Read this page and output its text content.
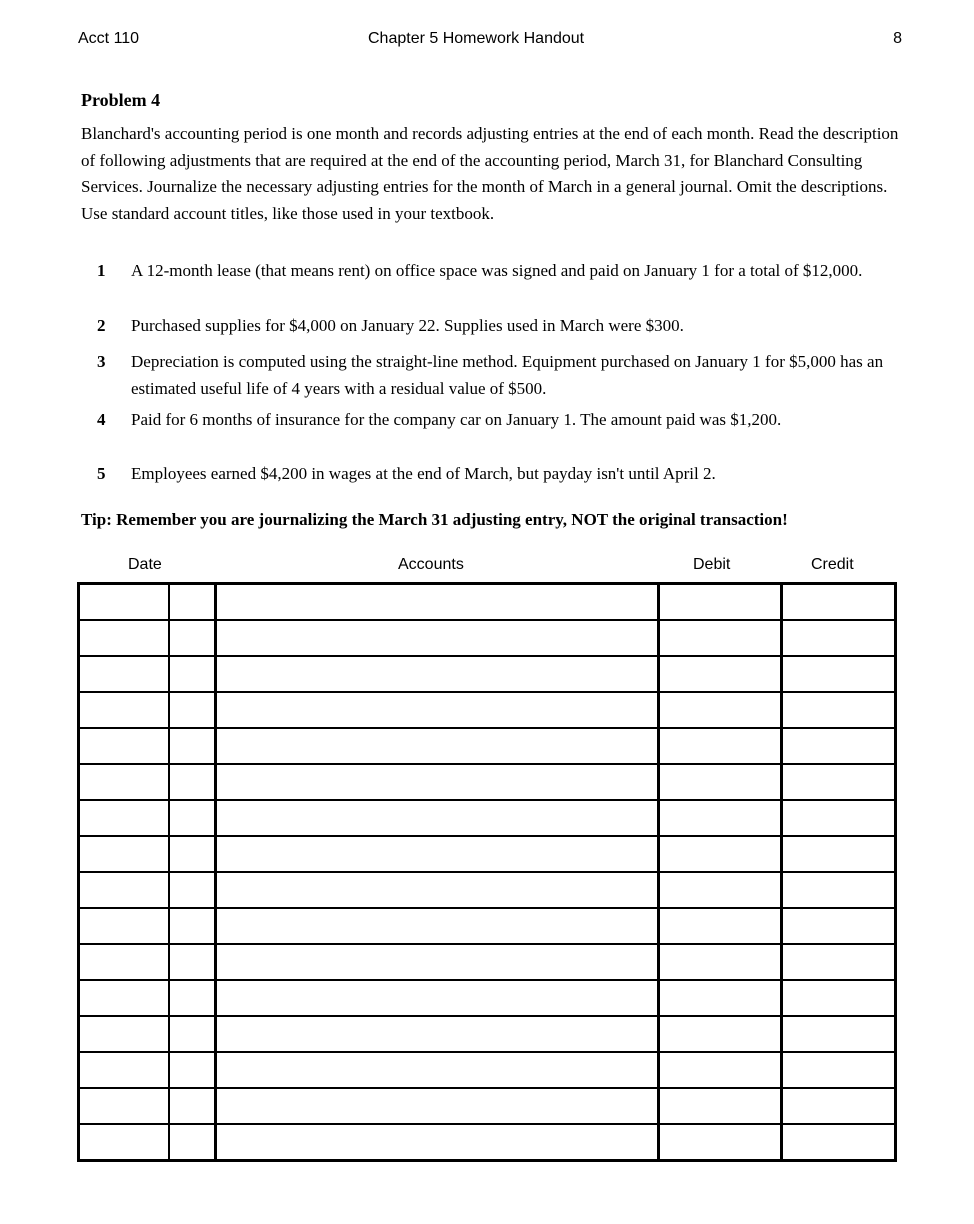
Acct 110	Chapter 5 Homework Handout	8
Problem 4

Blanchard's accounting period is one month and records adjusting entries at the end of each month. Read the description of following adjustments that are required at the end of the accounting period, March 31, for Blanchard Consulting Services. Journalize the necessary adjusting entries for the month of March in a general journal. Omit the descriptions. Use standard account titles, like those used in your textbook.

1	A 12-month lease (that means rent) on office space was signed and paid on January 1 for a total of $12,000.
2	Purchased supplies for $4,000 on January 22. Supplies used in March were $300.
3	Depreciation is computed using the straight-line method. Equipment purchased on January 1 for $5,000 has an estimated useful life of 4 years with a residual value of $500.
4	Paid for 6 months of insurance for the company car on January 1. The amount paid was $1,200.
5	Employees earned $4,200 in wages at the end of March, but payday isn't until April 2.
Tip: Remember you are journalizing the March 31 adjusting entry, NOT the original transaction!
Date	Accounts	Debit	Credit
